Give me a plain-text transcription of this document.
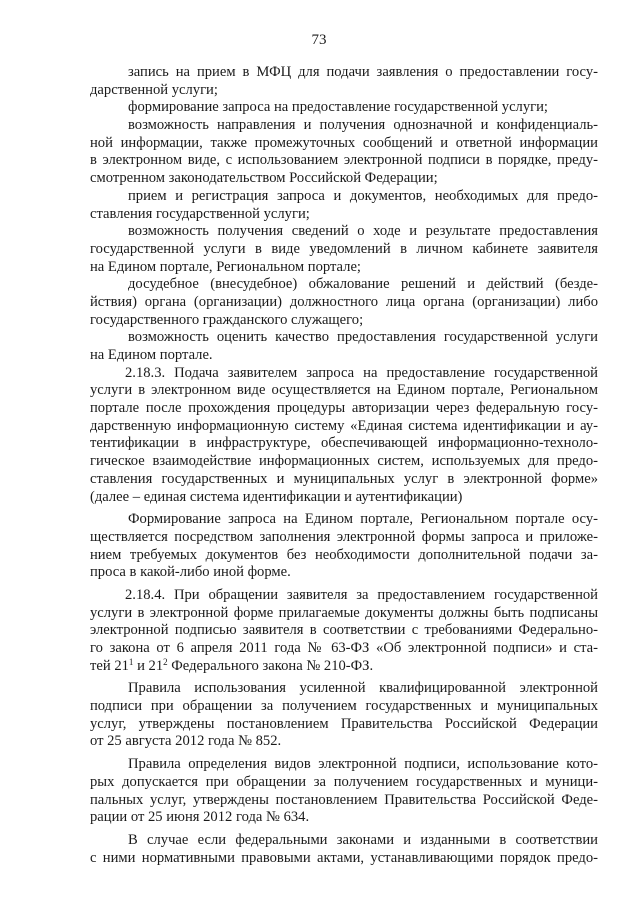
73
запись на прием в МФЦ для подачи заявления о предоставлении госу-
дарственной услуги;
формирование запроса на предоставление государственной услуги;
возможность направления и получения однозначной и конфиденциаль-
ной информации, также промежуточных сообщений и ответной информации
в электронном виде, с использованием электронной подписи в порядке, преду-
смотренном законодательством Российской Федерации;
прием и регистрация запроса и документов, необходимых для предо-
ставления государственной услуги;
возможность получения сведений о ходе и результате предоставления
государственной услуги в виде уведомлений в личном кабинете заявителя
на Едином портале, Региональном портале;
досудебное (внесудебное) обжалование решений и действий (безде-
йствия) органа (организации) должностного лица органа (организации) либо
государственного гражданского служащего;
возможность оценить качество предоставления государственной услуги
на Едином портале.
2.18.3. Подача заявителем запроса на предоставление государственной
услуги в электронном виде осуществляется на Едином портале, Региональном
портале после прохождения процедуры авторизации через федеральную госу-
дарственную информационную систему «Единая система идентификации и ау-
тентификации в инфраструктуре, обеспечивающей информационно-техноло-
гическое взаимодействие информационных систем, используемых для предо-
ставления государственных и муниципальных услуг в электронной форме»
(далее – единая система идентификации и аутентификации)
Формирование запроса на Едином портале, Региональном портале осу-
ществляется посредством заполнения электронной формы запроса и приложе-
нием требуемых документов без необходимости дополнительной подачи за-
проса в какой-либо иной форме.
2.18.4. При обращении заявителя за предоставлением государственной
услуги в электронной форме прилагаемые документы должны быть подписаны
электронной подписью заявителя в соответствии с требованиями Федерально-
го закона от 6 апреля 2011 года № 63-ФЗ «Об электронной подписи» и ста-
тей $21^1$ и $21^2$ Федерального закона № 210-ФЗ.
Правила использования усиленной квалифицированной электронной
подписи при обращении за получением государственных и муниципальных
услуг, утверждены постановлением Правительства Российской Федерации
от 25 августа 2012 года № 852.
Правила определения видов электронной подписи, использование кото-
рых допускается при обращении за получением государственных и муници-
пальных услуг, утверждены постановлением Правительства Российской Феде-
рации от 25 июня 2012 года № 634.
В случае если федеральными законами и изданными в соответствии
с ними нормативными правовыми актами, устанавливающими порядок предо-
